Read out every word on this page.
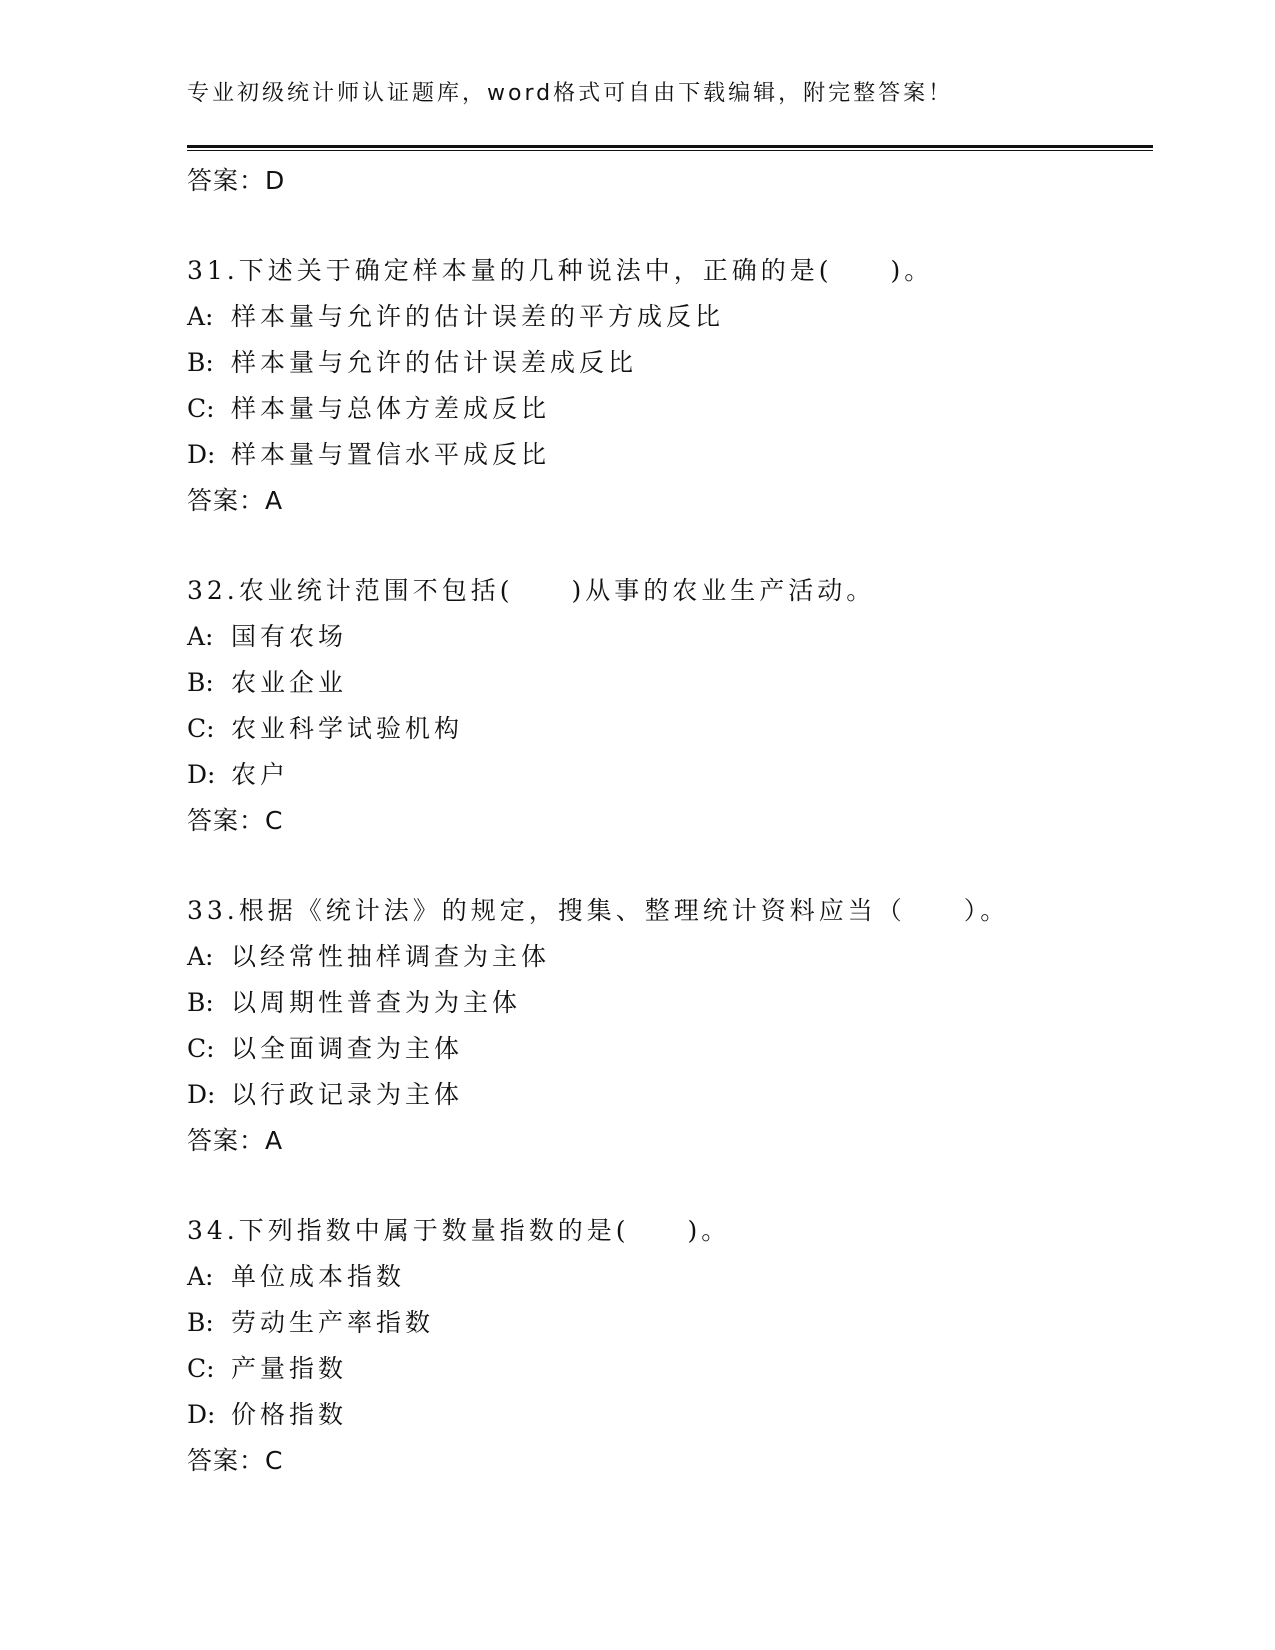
专业初级统计师认证题库，word格式可自由下载编辑，附完整答案！
答案：D
31.下述关于确定样本量的几种说法中，正确的是(　　)。
A: 样本量与允许的估计误差的平方成反比
B: 样本量与允许的估计误差成反比
C: 样本量与总体方差成反比
D: 样本量与置信水平成反比
答案：A
32.农业统计范围不包括(　　)从事的农业生产活动。
A: 国有农场
B: 农业企业
C: 农业科学试验机构
D: 农户
答案：C
33.根据《统计法》的规定，搜集、整理统计资料应当（　　）。
A: 以经常性抽样调查为主体
B: 以周期性普查为为主体
C: 以全面调查为主体
D: 以行政记录为主体
答案：A
34.下列指数中属于数量指数的是(　　)。
A: 单位成本指数
B: 劳动生产率指数
C: 产量指数
D: 价格指数
答案：C
